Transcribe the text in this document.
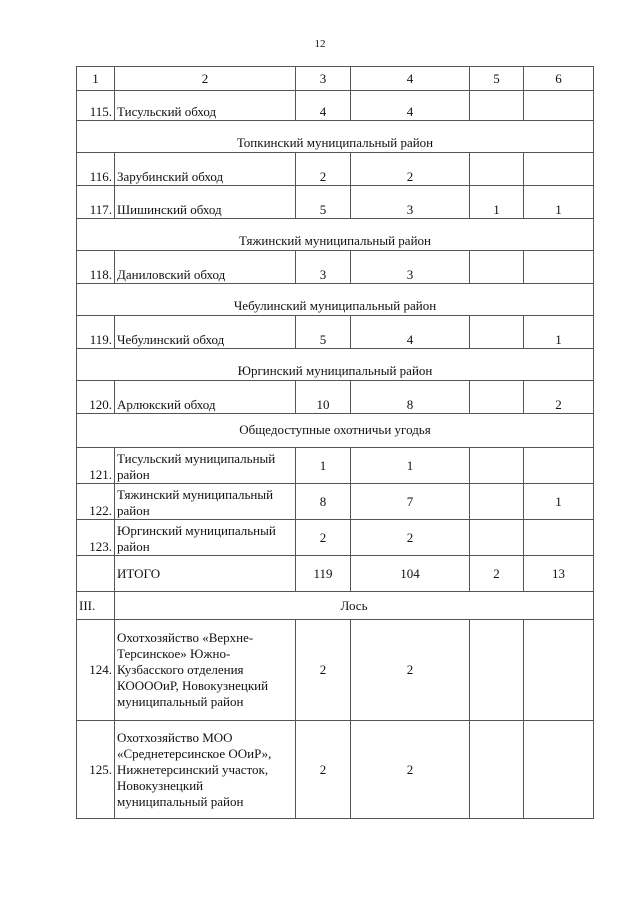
12
1	2	3	4	5	6
115.	Тисульский обход	4	4		
Топкинский муниципальный район					
116.	Зарубинский обход	2	2		
117.	Шишинский обход	5	3	1	1
Тяжинский муниципальный район					
118.	Даниловский обход	3	3		
Чебулинский муниципальный район					
119.	Чебулинский обход	5	4		1
Юргинский муниципальный район					
120.	Арлюкский обход	10	8		2
Общедоступные охотничьи угодья					
121.	Тисульский муниципальный район	1	1		
122.	Тяжинский муниципальный район	8	7		1
123.	Юргинский муниципальный район	2	2		
	ИТОГО	119	104	2	13
III.	Лось				
124.	Охотхозяйство «Верхне-Терсинское» Южно-Кузбасского отделения КОOOОиР, Новокузнецкий муниципальный район	2	2		
125.	Охотхозяйство МОО «Среднетерсинское ООиР», Нижнетерсинский участок, Новокузнецкий муниципальный район	2	2		
